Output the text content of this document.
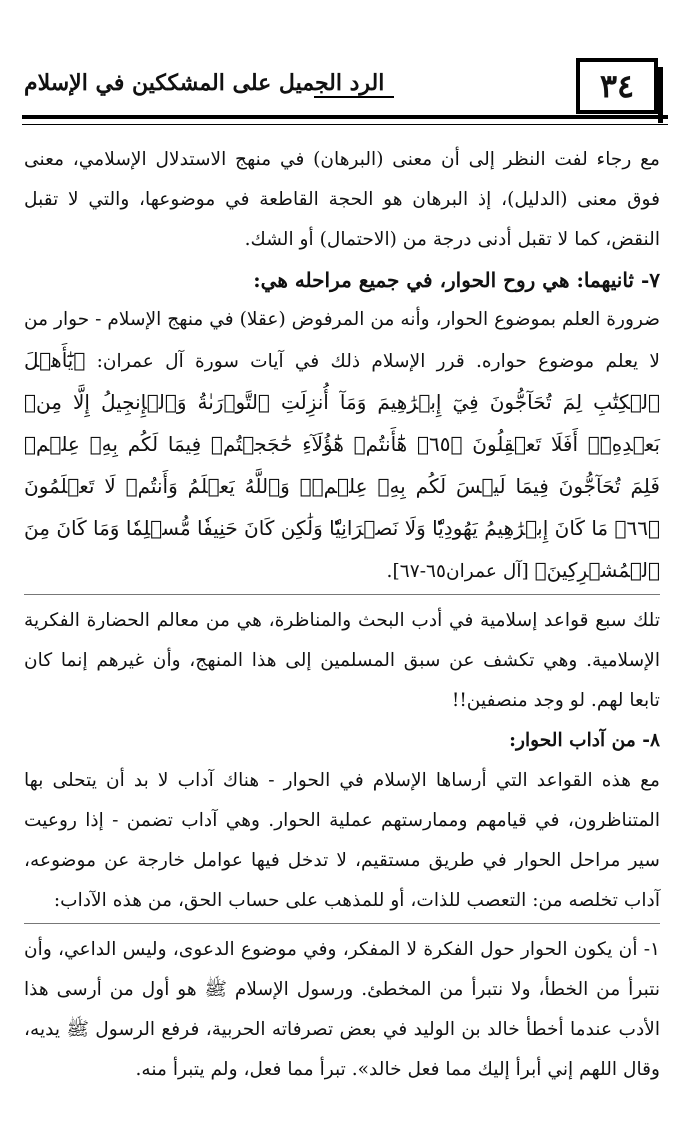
٣٤
الرد الجميل على المشككين في الإسلام

مع رجاء لفت النظر إلى أن معنى (البرهان) في منهج الاستدلال الإسلامي، معنى فوق معنى (الدليل)، إذ البرهان هو الحجة القاطعة في موضوعها، والتي لا تقبل النقض، كما لا تقبل أدنى درجة من (الاحتمال) أو الشك.

٧- ثانيهما: هي روح الحوار، في جميع مراحله هي:

ضرورة العلم بموضوع الحوار، وأنه من المرفوض (عقلا) في منهج الإسلام - حوار من لا يعلم موضوع حواره. قرر الإسلام ذلك في آيات سورة آل عمران: ﴿يَٰٓأَهۡلَ ٱلۡكِتَٰبِ لِمَ تُحَآجُّونَ فِيٓ إِبۡرَٰهِيمَ وَمَآ أُنزِلَتِ ٱلتَّوۡرَىٰةُ وَٱلۡإِنجِيلُ إِلَّا مِنۢ بَعۡدِهِۦٓۚ أَفَلَا تَعۡقِلُونَ ﴿٦٥﴾ هَٰٓأَنتُمۡ هَٰٓؤُلَآءِ حَٰجَجۡتُمۡ فِيمَا لَكُم بِهِۦ عِلۡمٞ فَلِمَ تُحَآجُّونَ فِيمَا لَيۡسَ لَكُم بِهِۦ عِلۡمٞۚ وَٱللَّهُ يَعۡلَمُ وَأَنتُمۡ لَا تَعۡلَمُونَ ﴿٦٦﴾ مَا كَانَ إِبۡرَٰهِيمُ يَهُودِيّٗا وَلَا نَصۡرَانِيّٗا وَلَٰكِن كَانَ حَنِيفٗا مُّسۡلِمٗا وَمَا كَانَ مِنَ ٱلۡمُشۡرِكِينَ﴾ [آل عمران٦٥-٦٧].

تلك سبع قواعد إسلامية في أدب البحث والمناظرة، هي من معالم الحضارة الفكرية الإسلامية. وهي تكشف عن سبق المسلمين إلى هذا المنهج، وأن غيرهم إنما كان تابعا لهم. لو وجد منصفين!!

٨- من آداب الحوار:

مع هذه القواعد التي أرساها الإسلام في الحوار - هناك آداب لا بد أن يتحلى بها المتناظرون، في قيامهم وممارستهم عملية الحوار. وهي آداب تضمن - إذا روعيت سير مراحل الحوار في طريق مستقيم، لا تدخل فيها عوامل خارجة عن موضوعه، آداب تخلصه من: التعصب للذات، أو للمذهب على حساب الحق، من هذه الآداب:

١- أن يكون الحوار حول الفكرة لا المفكر، وفي موضوع الدعوى، وليس الداعي، وأن نتبرأ من الخطأ، ولا نتبرأ من المخطئ. ورسول الإسلام ﷺ هو أول من أرسى هذا الأدب عندما أخطأ خالد بن الوليد في بعض تصرفاته الحربية، فرفع الرسول ﷺ يديه، وقال اللهم إني أبرأ إليك مما فعل خالد». تبرأ مما فعل، ولم يتبرأ منه.
